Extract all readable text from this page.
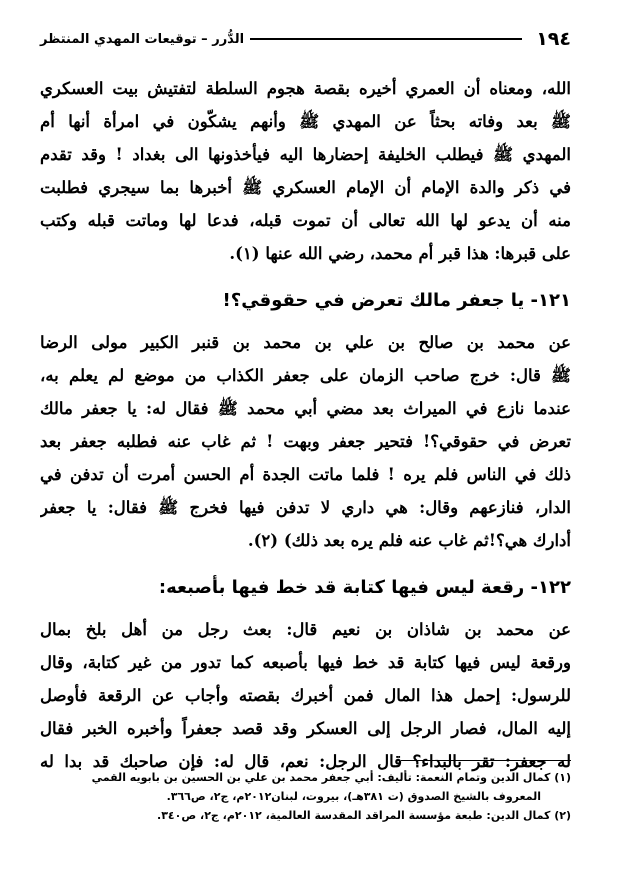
١٩٤
الدُّرر – توقيعات المهدي المنتظر
الله، ومعناه أن العمري أخيره بقصة هجوم السلطة لتفتيش بيت العسكري
ﷺ بعد وفاته بحثاً عن المهدي ﷺ وأنهم يشكّون في امرأة أنها أم
المهدي ﷺ فيطلب الخليفة إحضارها اليه فيأخذونها الى بغداد ! وقد تقدم
في ذكر والدة الإمام أن الإمام العسكري ﷺ أخبرها بما سيجري فطلبت
منه أن يدعو لها الله تعالى أن تموت قبله، فدعا لها وماتت قبله وكتب
على قبرها: هذا قبر أم محمد، رضي الله عنها (١).
١٢١- يا جعفر مالك تعرض في حقوقي؟!
عن محمد بن صالح بن علي بن محمد بن قنبر الكبير مولى الرضا
ﷺ قال: خرج صاحب الزمان على جعفر الكذاب من موضع لم يعلم به،
عندما نازع في الميراث بعد مضي أبي محمد ﷺ فقال له: يا جعفر مالك
تعرض في حقوقي؟! فتحير جعفر وبهت ! ثم غاب عنه فطلبه جعفر بعد
ذلك في الناس فلم يره ! فلما ماتت الجدة أم الحسن أمرت أن تدفن في
الدار، فنازعهم وقال: هي داري لا تدفن فيها فخرج ﷺ فقال: يا جعفر
أدارك هي؟!ثم غاب عنه فلم يره بعد ذلك) (٢).
١٢٢- رقعة ليس فيها كتابة قد خط فيها بأصبعه:
عن محمد بن شاذان بن نعيم قال: بعث رجل من أهل بلخ بمال
ورقعة ليس فيها كتابة قد خط فيها بأصبعه كما تدور من غير كتابة، وقال
للرسول: إحمل هذا المال فمن أخبرك بقصته وأجاب عن الرقعة فأوصل
إليه المال، فصار الرجل إلى العسكر وقد قصد جعفراً وأخبره الخبر فقال
له جعفر: تقر بالبداء؟ قال الرجل: نعم، قال له: فإن صاحبك قد بدا له
(١) كمال الدين وتمام النعمة: تأليف: أبي جعفر محمد بن علي بن الحسين بن بابويه القمي
المعروف بالشيخ الصدوق (ت ٣٨١هـ)، بيروت، لبنان٢٠١٢م، ج٢، ص٣٦٦.
(٢) كمال الدين: طبعة مؤسسة المراقد المقدسة العالمية، ٢٠١٢م، ج٢، ص٣٤٠.
